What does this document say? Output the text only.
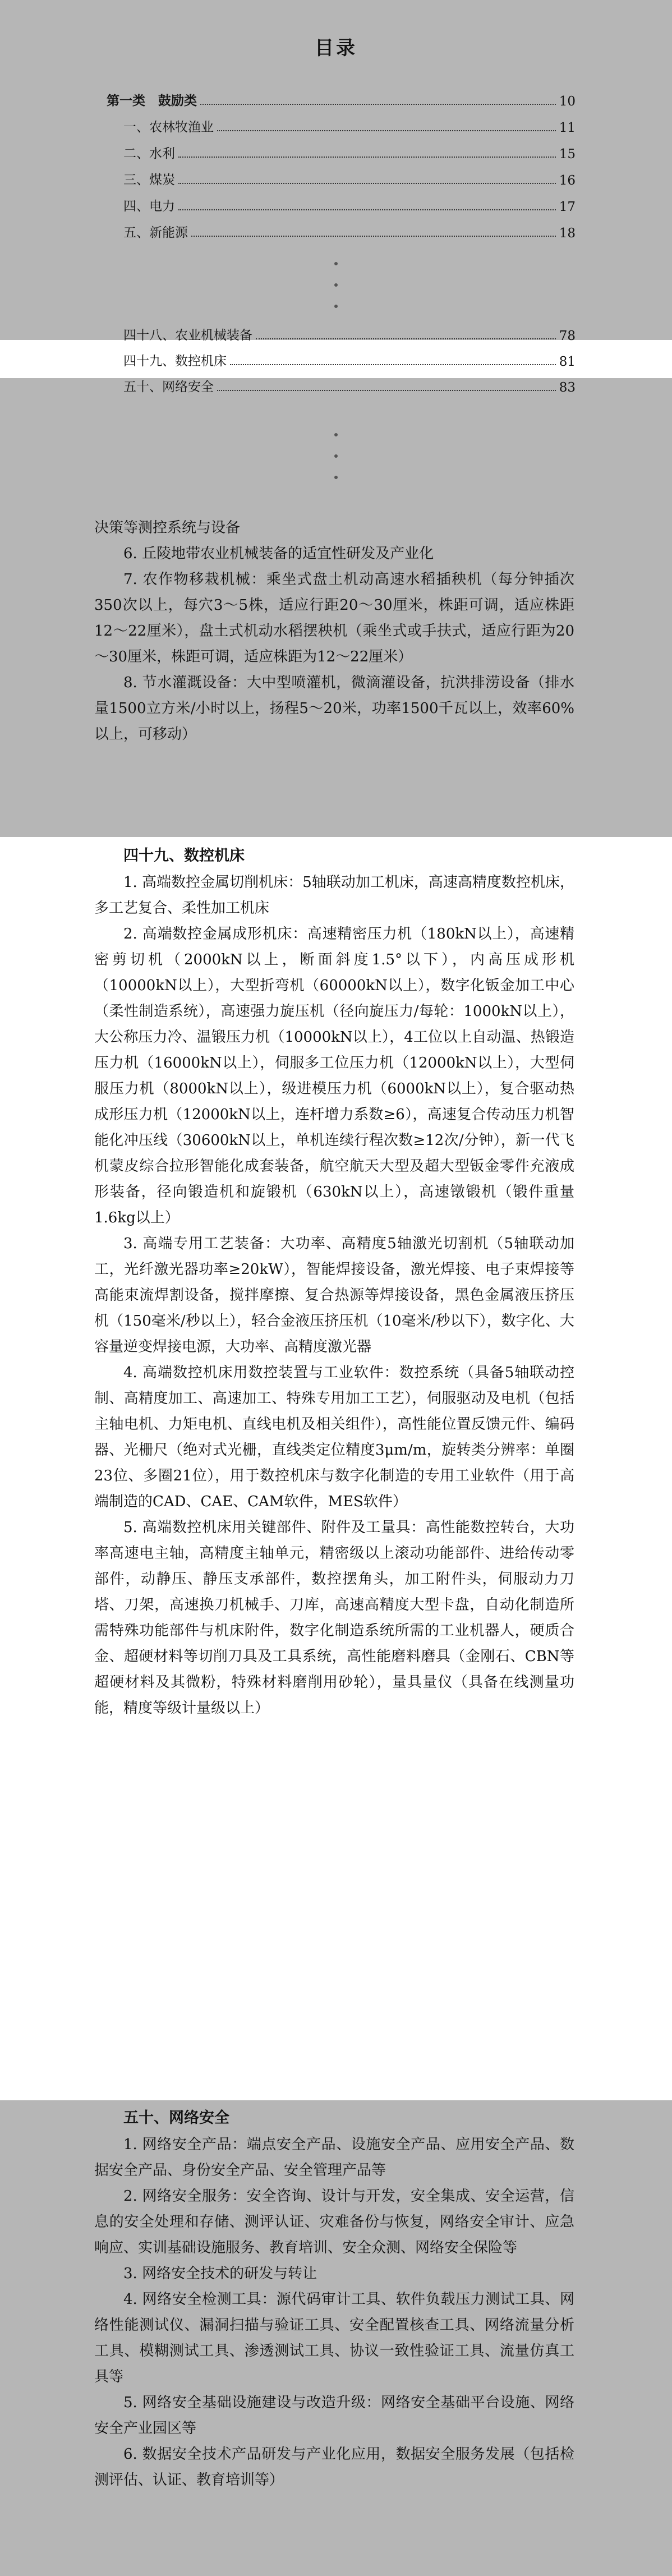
目录
第一类　鼓励类	10
一、农林牧渔业	11
二、水利	15
三、煤炭	16
四、电力	17
五、新能源	18
四十八、农业机械装备	78
四十九、数控机床	81
五十、网络安全	83

决策等测控系统与设备

6. 丘陵地带农业机械装备的适宜性研发及产业化

7. 农作物移栽机械：乘坐式盘土机动高速水稻插秧机（每分钟插次350次以上，每穴3～5株，适应行距20～30厘米，株距可调，适应株距12～22厘米），盘土式机动水稻摆秧机（乘坐式或手扶式，适应行距为20～30厘米，株距可调，适应株距为12～22厘米）

8. 节水灌溉设备：大中型喷灌机，微滴灌设备，抗洪排涝设备（排水量1500立方米/小时以上，扬程5～20米，功率1500千瓦以上，效率60%以上，可移动）

四十九、数控机床

1. 高端数控金属切削机床：5轴联动加工机床，高速高精度数控机床，多工艺复合、柔性加工机床

2. 高端数控金属成形机床：高速精密压力机（180kN以上），高速精密剪切机（2000kN以上，断面斜度1.5°以下），内高压成形机（10000kN以上），大型折弯机（60000kN以上），数字化钣金加工中心（柔性制造系统），高速强力旋压机（径向旋压力/每轮：1000kN以上），大公称压力冷、温锻压力机（10000kN以上），4工位以上自动温、热锻造压力机（16000kN以上），伺服多工位压力机（12000kN以上），大型伺服压力机（8000kN以上），级进模压力机（6000kN以上），复合驱动热成形压力机（12000kN以上，连杆增力系数≥6），高速复合传动压力机智能化冲压线（30600kN以上，单机连续行程次数≥12次/分钟），新一代飞机蒙皮综合拉形智能化成套装备，航空航天大型及超大型钣金零件充液成形装备，径向锻造机和旋锻机（630kN以上），高速镦锻机（锻件重量1.6kg以上）

3. 高端专用工艺装备：大功率、高精度5轴激光切割机（5轴联动加工，光纤激光器功率≥20kW），智能焊接设备，激光焊接、电子束焊接等高能束流焊割设备，搅拌摩擦、复合热源等焊接设备，黑色金属液压挤压机（150毫米/秒以上），轻合金液压挤压机（10毫米/秒以下），数字化、大容量逆变焊接电源，大功率、高精度激光器

4. 高端数控机床用数控装置与工业软件：数控系统（具备5轴联动控制、高精度加工、高速加工、特殊专用加工工艺），伺服驱动及电机（包括主轴电机、力矩电机、直线电机及相关组件），高性能位置反馈元件、编码器、光栅尺（绝对式光栅，直线类定位精度3μm/m，旋转类分辨率：单圈23位、多圈21位），用于数控机床与数字化制造的专用工业软件（用于高端制造的CAD、CAE、CAM软件，MES软件）

5. 高端数控机床用关键部件、附件及工量具：高性能数控转台，大功率高速电主轴，高精度主轴单元，精密级以上滚动功能部件、进给传动零部件，动静压、静压支承部件，数控摆角头，加工附件头，伺服动力刀塔、刀架，高速换刀机械手、刀库，高速高精度大型卡盘，自动化制造所需特殊功能部件与机床附件，数字化制造系统所需的工业机器人，硬质合金、超硬材料等切削刀具及工具系统，高性能磨料磨具（金刚石、CBN等超硬材料及其微粉，特殊材料磨削用砂轮），量具量仪（具备在线测量功能，精度等级计量级以上）

五十、网络安全

1. 网络安全产品：端点安全产品、设施安全产品、应用安全产品、数据安全产品、身份安全产品、安全管理产品等

2. 网络安全服务：安全咨询、设计与开发，安全集成、安全运营，信息的安全处理和存储、测评认证、灾难备份与恢复，网络安全审计、应急响应、实训基础设施服务、教育培训、安全众测、网络安全保险等

3. 网络安全技术的研发与转让

4. 网络安全检测工具：源代码审计工具、软件负载压力测试工具、网络性能测试仪、漏洞扫描与验证工具、安全配置核查工具、网络流量分析工具、模糊测试工具、渗透测试工具、协议一致性验证工具、流量仿真工具等

5. 网络安全基础设施建设与改造升级：网络安全基础平台设施、网络安全产业园区等

6. 数据安全技术产品研发与产业化应用，数据安全服务发展（包括检测评估、认证、教育培训等）
